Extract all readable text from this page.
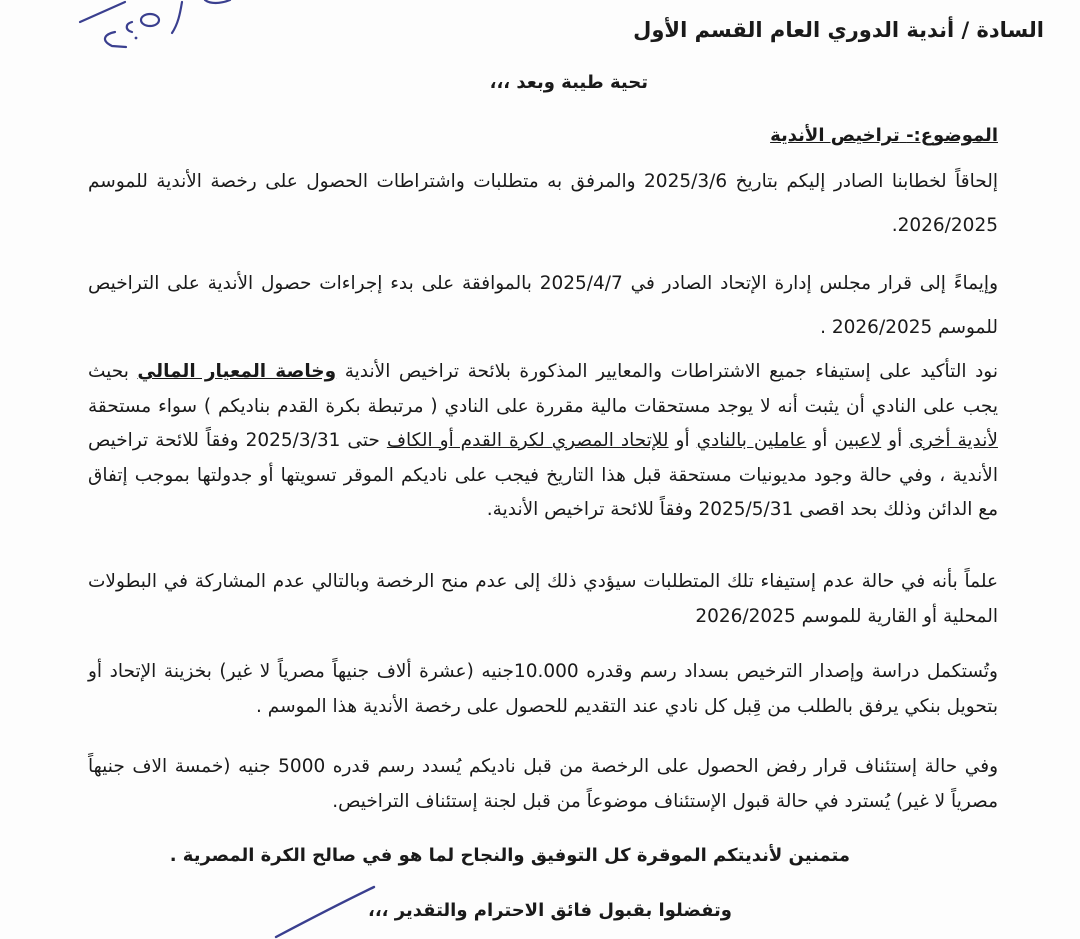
السادة / أندية الدوري العام القسم الأول
تحية طيبة وبعد ،،،
الموضوع:- تراخيص الأندية
إلحاقاً لخطابنا الصادر إليكم بتاريخ 2025/3/6 والمرفق به متطلبات واشتراطات الحصول على رخصة الأندية للموسم 2026/2025.
وإيماءً إلى قرار مجلس إدارة الإتحاد الصادر في 2025/4/7 بالموافقة على بدء إجراءات حصول الأندية على التراخيص للموسم 2026/2025 .
نود التأكيد على إستيفاء جميع الاشتراطات والمعايير المذكورة بلائحة تراخيص الأندية وخاصة المعيار المالي بحيث يجب على النادي أن يثبت أنه لا يوجد مستحقات مالية مقررة على النادي ( مرتبطة بكرة القدم بناديكم ) سواء مستحقة لأندية أخرى أو لاعبين أو عاملين بالنادي أو للإتحاد المصري لكرة القدم أو الكاف حتى 2025/3/31 وفقاً للائحة تراخيص الأندية ، وفي حالة وجود مديونيات مستحقة قبل هذا التاريخ فيجب على ناديكم الموقر تسويتها أو جدولتها بموجب إتفاق مع الدائن وذلك بحد اقصى 2025/5/31 وفقاً للائحة تراخيص الأندية.
علماً بأنه في حالة عدم إستيفاء تلك المتطلبات سيؤدي ذلك إلى عدم منح الرخصة وبالتالي عدم المشاركة في البطولات المحلية أو القارية للموسم 2026/2025
وتُستكمل دراسة وإصدار الترخيص بسداد رسم وقدره 10.000جنيه (عشرة ألاف جنيهاً مصرياً لا غير) بخزينة الإتحاد أو بتحويل بنكي يرفق بالطلب من قِبل كل نادي عند التقديم للحصول على رخصة الأندية هذا الموسم .
وفي حالة إستئناف قرار رفض الحصول على الرخصة من قبل ناديكم يُسدد رسم قدره 5000 جنيه (خمسة الاف جنيهاً مصرياً لا غير) يُسترد في حالة قبول الإستئناف موضوعاً من قبل لجنة إستئناف التراخيص.
متمنين لأنديتكم الموقرة كل التوفيق والنجاح لما هو في صالح الكرة المصرية .
وتفضلوا بقبول فائق الاحترام والتقدير ،،،
